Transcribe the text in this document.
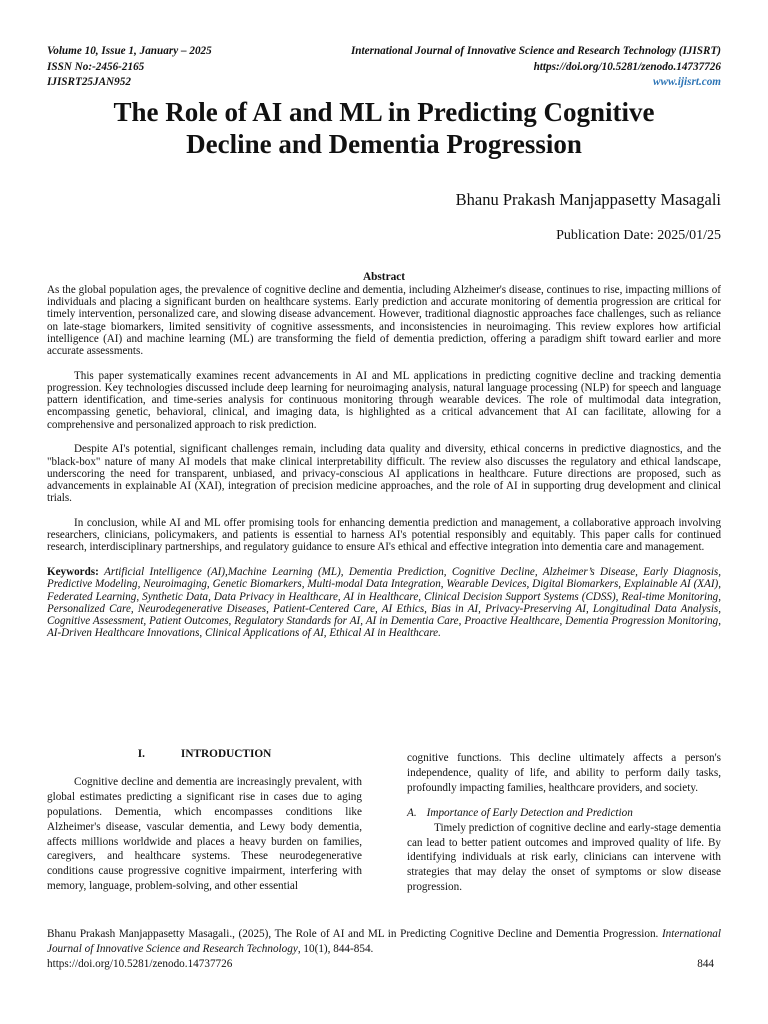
Volume 10, Issue 1, January – 2025
ISSN No:-2456-2165
IJISRT25JAN952
International Journal of Innovative Science and Research Technology (IJISRT)
https://doi.org/10.5281/zenodo.14737726
www.ijisrt.com
The Role of AI and ML in Predicting Cognitive
Decline and Dementia Progression

Bhanu Prakash Manjappasetty Masagali

Publication Date: 2025/01/25

Abstract

As the global population ages, the prevalence of cognitive decline and dementia, including Alzheimer's disease, continues to rise, impacting millions of individuals and placing a significant burden on healthcare systems. Early prediction and accurate monitoring of dementia progression are critical for timely intervention, personalized care, and slowing disease advancement. However, traditional diagnostic approaches face challenges, such as reliance on late-stage biomarkers, limited sensitivity of cognitive assessments, and inconsistencies in neuroimaging. This review explores how artificial intelligence (AI) and machine learning (ML) are transforming the field of dementia prediction, offering a paradigm shift toward earlier and more accurate assessments.

This paper systematically examines recent advancements in AI and ML applications in predicting cognitive decline and tracking dementia progression. Key technologies discussed include deep learning for neuroimaging analysis, natural language processing (NLP) for speech and language pattern identification, and time-series analysis for continuous monitoring through wearable devices. The role of multimodal data integration, encompassing genetic, behavioral, clinical, and imaging data, is highlighted as a critical advancement that AI can facilitate, allowing for a comprehensive and personalized approach to risk prediction.

Despite AI's potential, significant challenges remain, including data quality and diversity, ethical concerns in predictive diagnostics, and the "black-box" nature of many AI models that make clinical interpretability difficult. The review also discusses the regulatory and ethical landscape, underscoring the need for transparent, unbiased, and privacy-conscious AI applications in healthcare. Future directions are proposed, such as advancements in explainable AI (XAI), integration of precision medicine approaches, and the role of AI in supporting drug development and clinical trials.

In conclusion, while AI and ML offer promising tools for enhancing dementia prediction and management, a collaborative approach involving researchers, clinicians, policymakers, and patients is essential to harness AI's potential responsibly and equitably. This paper calls for continued research, interdisciplinary partnerships, and regulatory guidance to ensure AI's ethical and effective integration into dementia care and management.

Keywords: Artificial Intelligence (AI),Machine Learning (ML), Dementia Prediction, Cognitive Decline, Alzheimer’s Disease, Early Diagnosis, Predictive Modeling, Neuroimaging, Genetic Biomarkers, Multi-modal Data Integration, Wearable Devices, Digital Biomarkers, Explainable AI (XAI), Federated Learning, Synthetic Data, Data Privacy in Healthcare, AI in Healthcare, Clinical Decision Support Systems (CDSS), Real-time Monitoring, Personalized Care, Neurodegenerative Diseases, Patient-Centered Care, AI Ethics, Bias in AI, Privacy-Preserving AI, Longitudinal Data Analysis, Cognitive Assessment, Patient Outcomes, Regulatory Standards for AI, AI in Dementia Care, Proactive Healthcare, Dementia Progression Monitoring, AI-Driven Healthcare Innovations, Clinical Applications of AI, Ethical AI in Healthcare.

I.	INTRODUCTION

Cognitive decline and dementia are increasingly prevalent, with global estimates predicting a significant rise in cases due to aging populations. Dementia, which encompasses conditions like Alzheimer's disease, vascular dementia, and Lewy body dementia, affects millions worldwide and places a heavy burden on families, caregivers, and healthcare systems. These neurodegenerative conditions cause progressive cognitive impairment, interfering with memory, language, problem-solving, and other essential

cognitive functions. This decline ultimately affects a person's independence, quality of life, and ability to perform daily tasks, profoundly impacting families, healthcare providers, and society.

A. Importance of Early Detection and Prediction

Timely prediction of cognitive decline and early-stage dementia can lead to better patient outcomes and improved quality of life. By identifying individuals at risk early, clinicians can intervene with strategies that may delay the onset of symptoms or slow disease progression.

Bhanu Prakash Manjappasetty Masagali., (2025), The Role of AI and ML in Predicting Cognitive Decline and Dementia Progression. International Journal of Innovative Science and Research Technology, 10(1), 844-854.
https://doi.org/10.5281/zenodo.14737726	844
